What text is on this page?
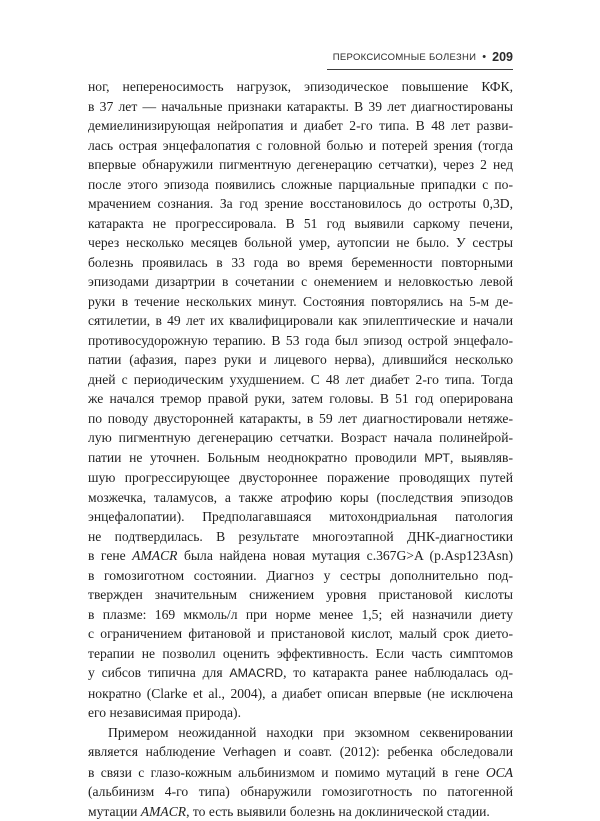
ПЕРОКСИСОМНЫЕ БОЛЕЗНИ • 209

ног, непереносимость нагрузок, эпизодическое повышение КФК,
в 37 лет — начальные признаки катаракты. В 39 лет диагностированы
демиелинизирующая нейропатия и диабет 2-го типа. В 48 лет разви-
лась острая энцефалопатия с головной болью и потерей зрения (тогда
впервые обнаружили пигментную дегенерацию сетчатки), через 2 нед
после этого эпизода появились сложные парциальные припадки с по-
мрачением сознания. За год зрение восстановилось до остроты 0,3D,
катаракта не прогрессировала. В 51 год выявили саркому печени,
через несколько месяцев больной умер, аутопсии не было. У сестры
болезнь проявилась в 33 года во время беременности повторными
эпизодами дизартрии в сочетании с онемением и неловкостью левой
руки в течение нескольких минут. Состояния повторялись на 5-м де-
сятилетии, в 49 лет их квалифицировали как эпилептические и начали
противосудорожную терапию. В 53 года был эпизод острой энцефало-
патии (афазия, парез руки и лицевого нерва), длившийся несколько
дней с периодическим ухудшением. С 48 лет диабет 2-го типа. Тогда
же начался тремор правой руки, затем головы. В 51 год оперирована
по поводу двусторонней катаракты, в 59 лет диагностировали нетяже-
лую пигментную дегенерацию сетчатки. Возраст начала полинейрой-
патии не уточнен. Больным неоднократно проводили МРТ, выявляв-
шую прогрессирующее двустороннее поражение проводящих путей
мозжечка, таламусов, а также атрофию коры (последствия эпизодов
энцефалопатии). Предполагавшаяся митохондриальная патология
не подтвердилась. В результате многоэтапной ДНК-диагностики
в гене AMACR была найдена новая мутация c.367G>A (p.Asp123Asn)
в гомозиготном состоянии. Диагноз у сестры дополнительно под-
твержден значительным снижением уровня пристановой кислоты
в плазме: 169 мкмоль/л при норме менее 1,5; ей назначили диету
с ограничением фитановой и пристановой кислот, малый срок дието-
терапии не позволил оценить эффективность. Если часть симптомов
у сибсов типична для AMACRD, то катаракта ранее наблюдалась од-
нократно (Clarke et al., 2004), а диабет описан впервые (не исключена
его независимая природа).

Примером неожиданной находки при экзомном секвенировании
является наблюдение Verhagen и соавт. (2012): ребенка обследовали
в связи с глазо-кожным альбинизмом и помимо мутаций в гене OCA
(альбинизм 4-го типа) обнаружили гомозиготность по патогенной
мутации AMACR, то есть выявили болезнь на доклинической стадии.
